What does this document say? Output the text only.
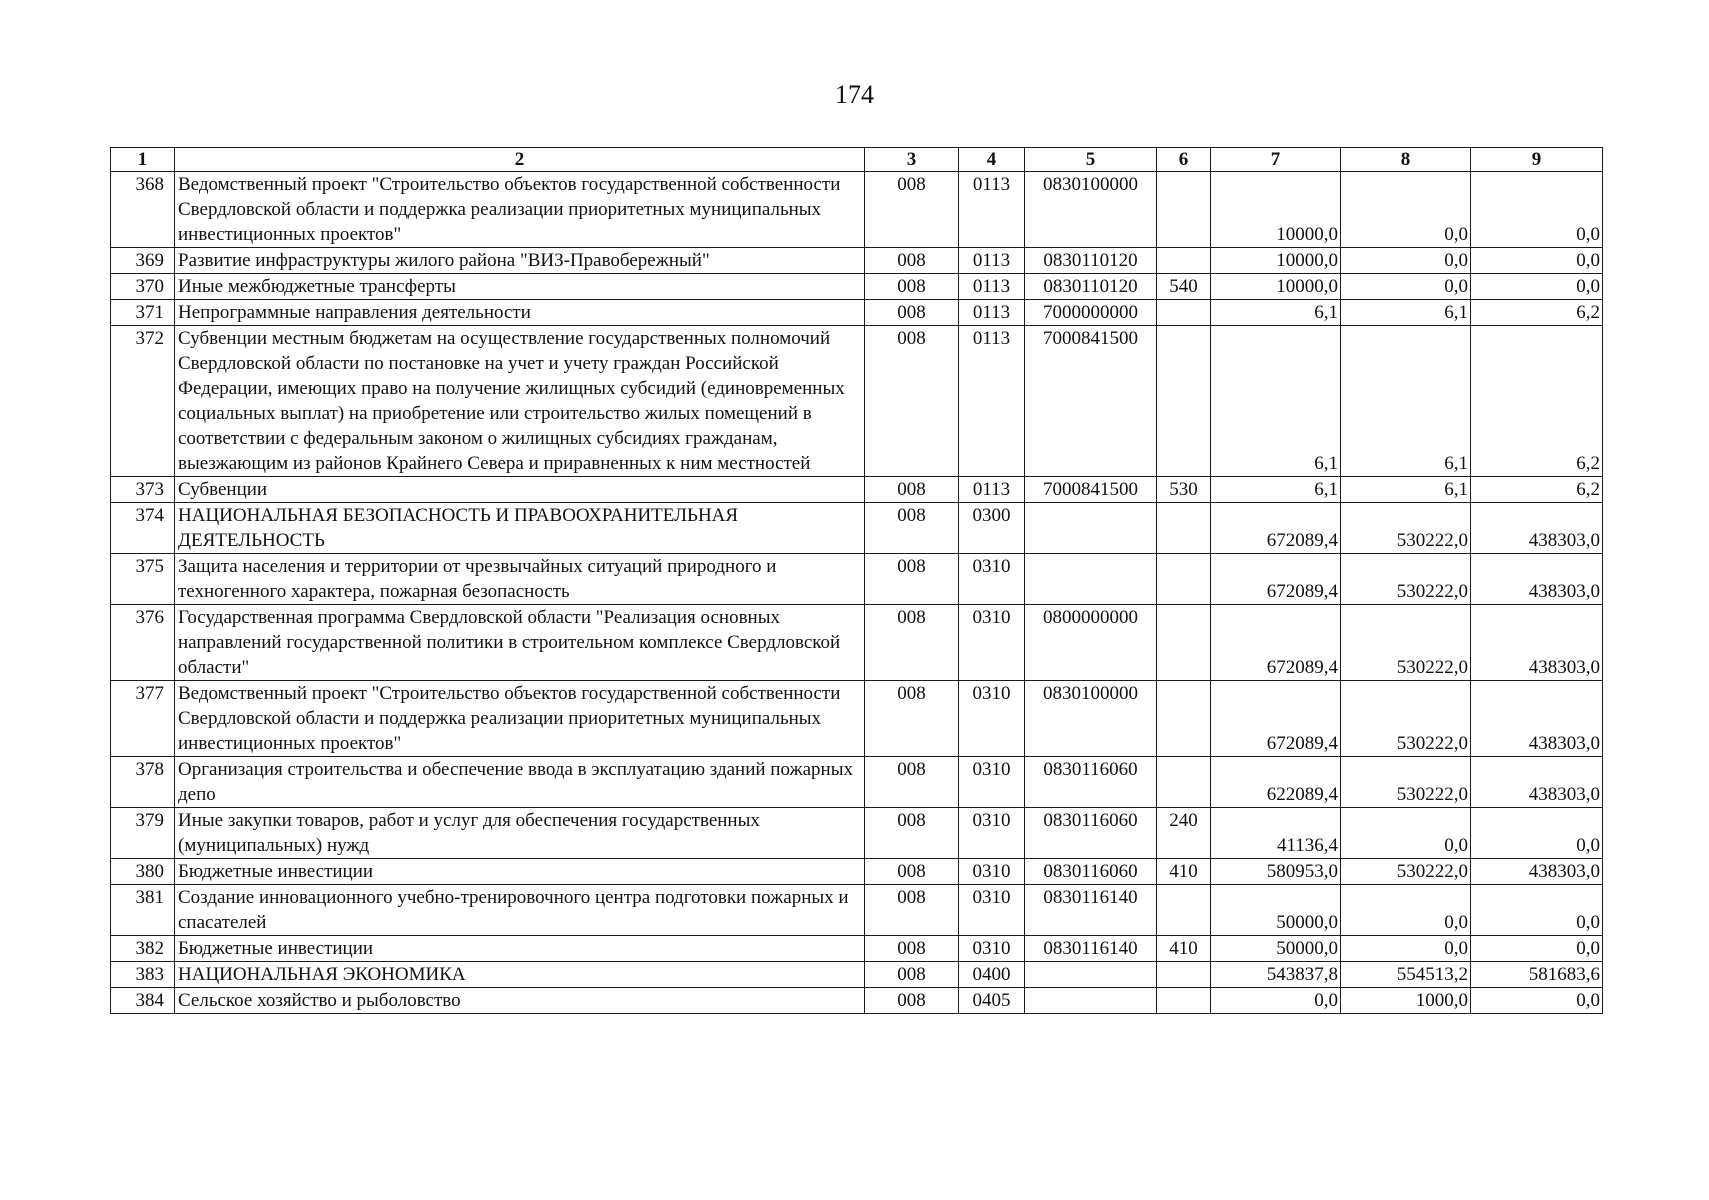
174
1	2	3	4	5	6	7	8	9
368	Ведомственный проект "Строительство объектов государственной собственности Свердловской области и поддержка реализации приоритетных муниципальных инвестиционных проектов"	008	0113	0830100000		10000,0	0,0	0,0
369	Развитие инфраструктуры жилого района "ВИЗ-Правобережный"	008	0113	0830110120		10000,0	0,0	0,0
370	Иные межбюджетные трансферты	008	0113	0830110120	540	10000,0	0,0	0,0
371	Непрограммные направления деятельности	008	0113	7000000000		6,1	6,1	6,2
372	Субвенции местным бюджетам на осуществление государственных полномочий Свердловской области по постановке на учет и учету граждан Российской Федерации, имеющих право на получение жилищных субсидий (единовременных социальных выплат) на приобретение или строительство жилых помещений в соответствии с федеральным законом о жилищных субсидиях гражданам, выезжающим из районов Крайнего Севера и приравненных к ним местностей	008	0113	7000841500		6,1	6,1	6,2
373	Субвенции	008	0113	7000841500	530	6,1	6,1	6,2
374	НАЦИОНАЛЬНАЯ БЕЗОПАСНОСТЬ И ПРАВООХРАНИТЕЛЬНАЯ ДЕЯТЕЛЬНОСТЬ	008	0300			672089,4	530222,0	438303,0
375	Защита населения и территории от чрезвычайных ситуаций природного и техногенного характера, пожарная безопасность	008	0310			672089,4	530222,0	438303,0
376	Государственная программа Свердловской области "Реализация основных направлений государственной политики в строительном комплексе Свердловской области"	008	0310	0800000000		672089,4	530222,0	438303,0
377	Ведомственный проект "Строительство объектов государственной собственности Свердловской области и поддержка реализации приоритетных муниципальных инвестиционных проектов"	008	0310	0830100000		672089,4	530222,0	438303,0
378	Организация строительства и обеспечение ввода в эксплуатацию зданий пожарных депо	008	0310	0830116060		622089,4	530222,0	438303,0
379	Иные закупки товаров, работ и услуг для обеспечения государственных (муниципальных) нужд	008	0310	0830116060	240	41136,4	0,0	0,0
380	Бюджетные инвестиции	008	0310	0830116060	410	580953,0	530222,0	438303,0
381	Создание инновационного учебно-тренировочного центра подготовки пожарных и спасателей	008	0310	0830116140		50000,0	0,0	0,0
382	Бюджетные инвестиции	008	0310	0830116140	410	50000,0	0,0	0,0
383	НАЦИОНАЛЬНАЯ ЭКОНОМИКА	008	0400			543837,8	554513,2	581683,6
384	Сельское хозяйство и рыболовство	008	0405			0,0	1000,0	0,0
